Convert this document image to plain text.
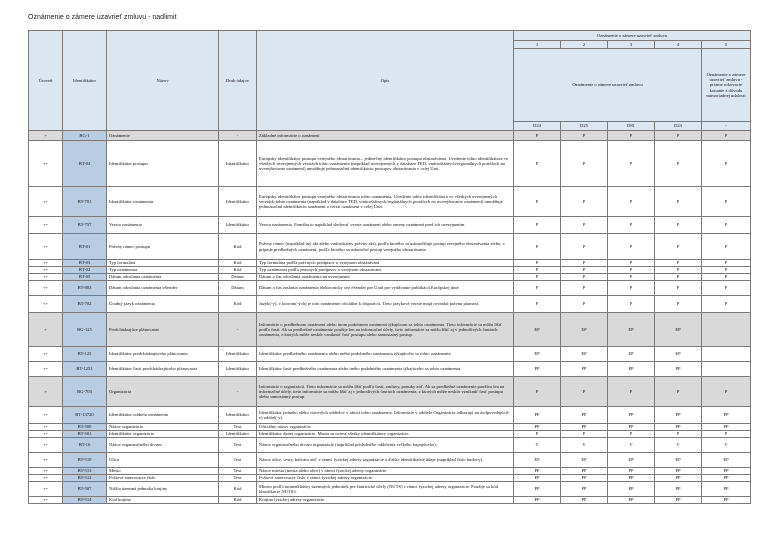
Oznámenie o zámere uzavrieť zmluvu - nadlimit
Úroveň	Identifikátor	Názov	Druh údajov	Opis	Oznámenie o zámere uzavrieť zmluvu				
					1	2	3	4	5
					Oznámenie o zámere uzavrieť zmluvu				Oznámenie o zámere uzavrieť zmluvu - priame rokovacie konanie z dôvodu mimoriadnej udalosti
					D24	D25	D81	D23	-
+	BG-1	Oznámenie	-	Základné informácie o oznámení	P	P	P	P	P
++	BT-04	Identifikátor postupu	Identifikátor	Európsky identifikátor postupu verejného obstarávania – jedinečný identifikátor postupu obstarávania. Uvedenie tohto identifikátora vo všetkých uverejnených verziách tohto oznámenia (napríklad uverejnených v databáze TED, vnútroštátnych/regionálnych portáloch na uverejňovanie oznámení) umožňuje jednoznačnú identifikáciu postupov obstarávania v celej Únii.	P	P	P	P	P
++	BT-701	Identifikátor oznámenia	Identifikátor	Európsky identifikátor postupu verejného obstarávania tohto oznámenia. Uvedenie tohto identifikátora vo všetkých uverejnených verziách tohto oznámenia (napríklad v databáze TED, vnútroštátnych/regionálnych portáloch na uverejňovanie oznámení) umožňuje jednoznačnú identifikáciu oznámení a verzií oznámení v celej Únii.	P	P	P	P	P
++	BT-757	Verzia oznámenia	Identifikátor	Verzia oznámenia. Pomáha to napríklad sledovať verzie oznámení alebo zmeny oznámení pred ich uverejnením.	P	P	P	P	P
++	BT-01	Právny rámec postupu	Kód	Právny rámec (napríklad iný akt alebo vnútroštátny právny akt), podľa ktorého sa uskutočňuje postup verejného obstarávania alebo, v prípade predbežných oznámení, podľa ktorého sa uskutoční postup verejného obstarávania	P	P	P	P	P
++	BT-03	Typ formulára	Kód	Typ formulára podľa právnych predpisov o verejnom obstarávaní.	P	P	P	P	P
++	BT-02	Typ oznámenia	Kód	Typ oznámenia podľa právnych predpisov o verejnom obstarávaní.	P	P	P	P	P
++	BT-05	Dátum odoslania oznámenia	Dátum	Dátum a čas odoslania oznámenia na uverejnenie.	P	P	P	P	P
++	BT-803	Dátum odoslania oznámenia eSender	Dátum	Dátum a čas zaslania oznámenia elektronicky cez eSender pre Úrad pre vydávanie publikácií Európskej únie	P	P	P	P	P
++	BT-702	Úradný jazyk oznámenia	Kód	Jazyk(-y), v ktorom(-ých) je toto oznámenie oficiálne k dispozícii. Tieto jazykové verzie majú rovnakú právnu platnosť.	P	P	P	P	P
+	BG-125	Predchádzajúce plánovanie	-	Informácie o predbežnom oznámení alebo inom podobnom oznámení týkajúcom sa tohto oznámenia. Tieto informácie sa môžu líšiť podľa častí. Ak sa predbežné oznámenie použije len na informačné účely, tieto informácie sa môžu líšiť aj v jednotlivých častiach oznámenia, z ktorých môže neskôr vzniknúť časť postupu alebo samostatný postup.	EP	EP	EP	EP	
++	BT-125	Identifikátor predchádzajúceho plánovania	Identifikátor	Identifikátor predbežného oznámenia alebo iného podobného oznámenia týkajúceho sa tohto oznámenia.	EP	EP	EP	EP	
++	BT-1251	Identifikátor časti predchádzajúceho plánovania	Identifikátor	Identifikátor časti predbežného oznámenia alebo iného podobného oznámenia týkajúceho sa tohto oznámenia.	PP	PP	PP	PP	
+	BG-703	Organizácia	-	Informácie o organizácii. Tieto informácie sa môžu líšiť podľa častí, zmluvy, ponuky atď. Ak sa predbežné oznámenie používa len na informačné účely, tieto informácie sa môžu líšiť aj v jednotlivých častiach oznámenia, z ktorých môže neskôr vzniknúť časť postupu alebo samostatný postup.	P	P	P	P	P
++	BT-13720	Identifikátor oddielu oznámenia	Identifikátor	Identifikátor jedného alebo viacerých oddielov v rámci tohto oznámenia. Informácie v oddiele Organizácia odkazujú na zodpovedajúci(-e) oddiel(-y).	PP	PP	PP	PP	PP
++	BT-500	Názov organizácie	Text	Oficiálny názov organizácie.	PP	PP	PP	PP	PP
++	BT-501	Identifikátor organizácie	Identifikátor	Identifikátor danej organizácie. Musia sa uviesť všetky identifikátory organizácie.	P	P	P	P	P
++	BT-16	Názov organizačného útvaru	Text	Názov organizačného útvaru organizácie (napríklad príslušného oddelenia veľkého kupujúceho).	V	V	V	V	V
++	BT-510	Ulica	Text	Názov ulice, cesty, bulváru atď. v rámci fyzickej adresy organizácie a ďalšie identifikačné údaje (napríklad číslo budovy).	EP	EP	EP	EP	EP
++	BT-513	Mesto	Text	Názov miesta (mesta alebo obce) v rámci fyzickej adresy organizácie.	PP	PP	PP	PP	PP
++	BT-512	Poštové smerovacie číslo	Text	Poštové smerovacie číslo v rámci fyzickej adresy organizácie.	PP	PP	PP	PP	PP
++	BT-507	Nižšia územná jednotka krajiny	Kód	Miesto podľa nomenklatúry územných jednotiek pre štatistické účely (NUTS) v rámci fyzickej adresy organizácie. Použije sa kód klasifikácie NUTS3.	PP	PP	PP	PP	PP
++	BT-514	Kód krajiny	Kód	Krajina fyzickej adresy organizácie.	PP	PP	PP	PP	PP
